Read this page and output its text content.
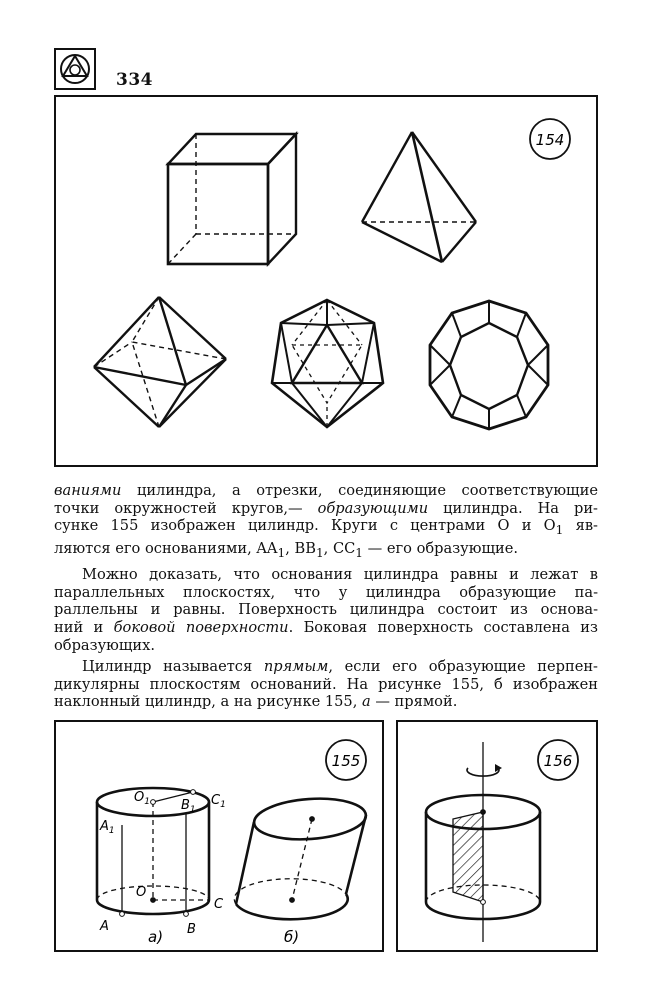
334
154

ваниями цилиндра, а отрезки, соединяющие соответствующие
точки окружностей кругов,— образующими цилиндра. На ри-
сунке 155 изображен цилиндр. Круги с центрами O и $O_1$ яв-
ляются его основаниями, $AA_1$, $BB_1$, $CC_1$ — его образующие.

Можно доказать, что основания цилиндра равны и лежат в
параллельных плоскостях, что у цилиндра образующие па-
раллельны и равны. Поверхность цилиндра состоит из основа-
ний и боковой поверхности. Боковая поверхность составлена из
образующих.

Цилиндр называется прямым, если его образующие перпен-
дикулярны плоскостям оснований. На рисунке 155, б изображен
наклонный цилиндр, а на рисунке 155, а — прямой.

155
$O_1$ $B_1$
$C_1$
$A_1$
O
C
A	B
а)	б)
156
